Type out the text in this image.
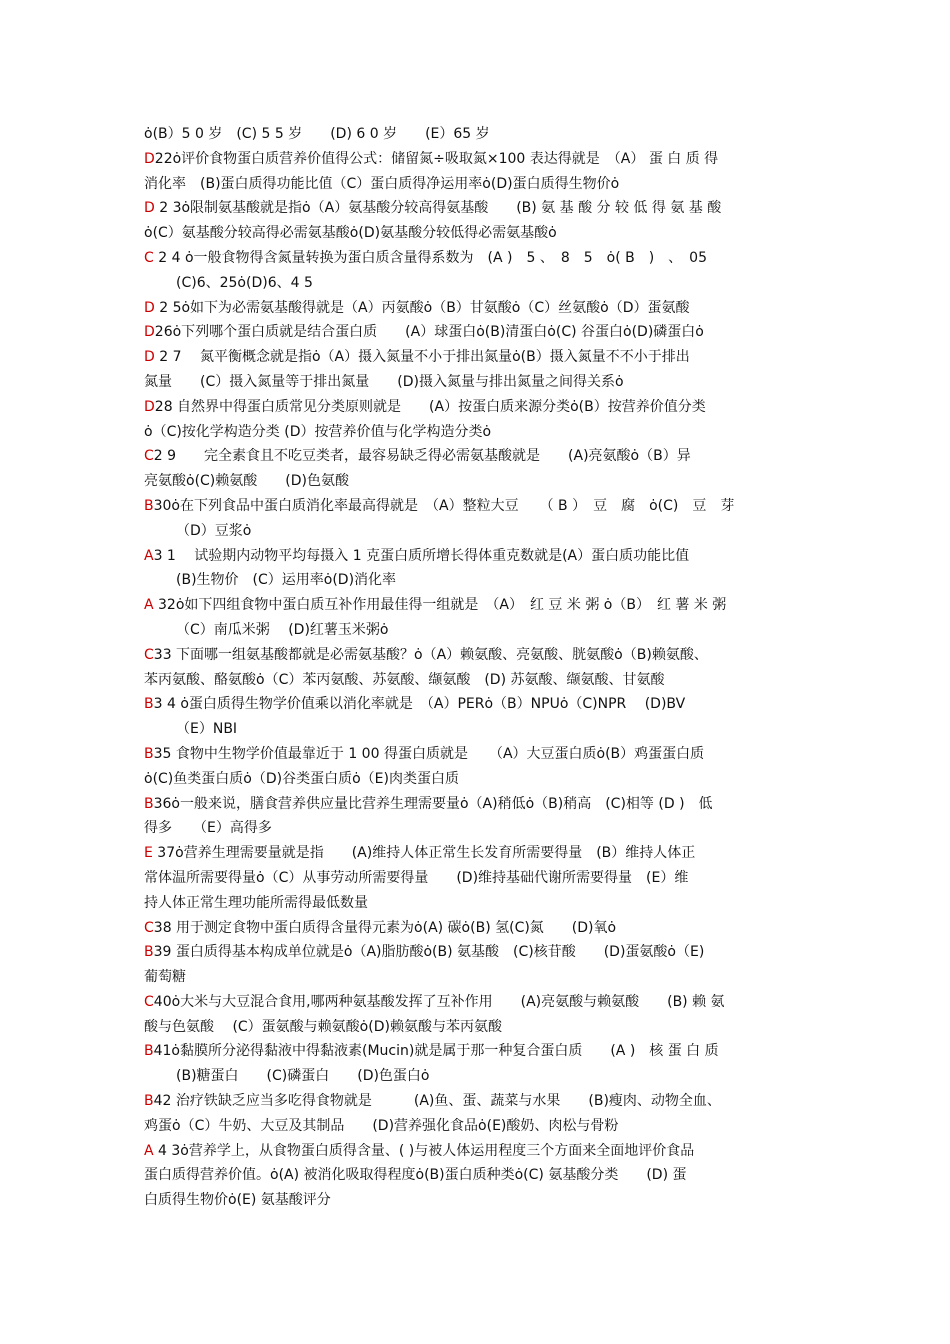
ȯ(B）5 0 岁　(C) 5 5 岁　　(D) 6 0 岁　　(E）65 岁

D22ȯ评价食物蛋白质营养价值得公式：储留氮÷吸取氮×100 表达得就是　（A） 蛋 白 质 得

消化率　(B)蛋白质得功能比值（C）蛋白质得净运用率ȯ(D)蛋白质得生物价ȯ

D 2 3ȯ限制氨基酸就是指ȯ（A）氨基酸分较高得氨基酸　　(B) 氨 基 酸 分 较 低 得 氨 基 酸

ȯ(C）氨基酸分较高得必需氨基酸ȯ(D)氨基酸分较低得必需氨基酸ȯ

C 2 4 ȯ一般食物得含氮量转换为蛋白质含量得系数为　(A )　5 、　8　5　ȯ( B　)　、　05

(C)6、25ȯ(D)6、4 5

D 2 5ȯ如下为必需氨基酸得就是（A）丙氨酸ȯ（B）甘氨酸ȯ（C）丝氨酸ȯ（D）蛋氨酸

D26ȯ下列哪个蛋白质就是结合蛋白质　　(A）球蛋白ȯ(B)清蛋白ȯ(C) 谷蛋白ȯ(D)磷蛋白ȯ

D 2 7　 氮平衡概念就是指ȯ（A）摄入氮量不小于排出氮量ȯ(B）摄入氮量不不小于排出

氮量　　(C）摄入氮量等于排出氮量　　(D)摄入氮量与排出氮量之间得关系ȯ

D28 自然界中得蛋白质常见分类原则就是　　(A）按蛋白质来源分类ȯ(B）按营养价值分类

ȯ（C)按化学构造分类 (D）按营养价值与化学构造分类ȯ

C2 9　　完全素食且不吃豆类者，最容易缺乏得必需氨基酸就是　　(A)亮氨酸ȯ（B）异

亮氨酸ȯ(C)赖氨酸　　(D)色氨酸

B30ȯ在下列食品中蛋白质消化率最高得就是　（A）整粒大豆　　（ B ）　豆　腐　ȯ(C)　豆　芽

（D）豆浆ȯ

A3 1　 试验期内动物平均每摄入 1 克蛋白质所增长得体重克数就是(A）蛋白质功能比值

(B)生物价　(C）运用率ȯ(D)消化率

A 32ȯ如下四组食物中蛋白质互补作用最佳得一组就是　（A）　红 豆 米 粥 ȯ（B）　红 薯 米 粥

（C）南瓜米粥　 (D)红薯玉米粥ȯ

C33 下面哪一组氨基酸都就是必需氨基酸？ȯ（A）赖氨酸、亮氨酸、胱氨酸ȯ（B)赖氨酸、

苯丙氨酸、酪氨酸ȯ（C）苯丙氨酸、苏氨酸、缬氨酸　(D) 苏氨酸、缬氨酸、甘氨酸

B3 4 ȯ蛋白质得生物学价值乘以消化率就是　（A）PERȯ（B）NPUȯ（C)NPR　 (D)BV

（E）NBI

B35 食物中生物学价值最靠近于 1 00 得蛋白质就是　　（A）大豆蛋白质ȯ(B）鸡蛋蛋白质

ȯ(C)鱼类蛋白质ȯ（D)谷类蛋白质ȯ（E)肉类蛋白质

B36ȯ一般来说，膳食营养供应量比营养生理需要量ȯ（A)稍低ȯ（B)稍高　(C)相等 (D )　低

得多　　（E）高得多

E 37ȯ营养生理需要量就是指　　(A)维持人体正常生长发育所需要得量　(B）维持人体正

常体温所需要得量ȯ（C）从事劳动所需要得量　　(D)维持基础代谢所需要得量　(E）维

持人体正常生理功能所需得最低数量

C38 用于测定食物中蛋白质得含量得元素为ȯ(A) 碳ȯ(B) 氢(C)氮　　(D)氧ȯ

B39 蛋白质得基本构成单位就是ȯ（A)脂肪酸ȯ(B) 氨基酸　(C)核苷酸　　(D)蛋氨酸ȯ（E)

葡萄糖

C40ȯ大米与大豆混合食用,哪两种氨基酸发挥了互补作用　　(A)亮氨酸与赖氨酸　　(B) 赖 氨

酸与色氨酸　 (C）蛋氨酸与赖氨酸ȯ(D)赖氨酸与苯丙氨酸

B41ȯ黏膜所分泌得黏液中得黏液素(Mucin)就是属于那一种复合蛋白质　　(A )　核 蛋 白 质

(B)糖蛋白　　(C)磷蛋白　　(D)色蛋白ȯ

B42 治疗铁缺乏应当多吃得食物就是　　　(A)鱼、蛋、蔬菜与水果　　(B)瘦肉、动物全血、

鸡蛋ȯ（C）牛奶、大豆及其制品　　(D)营养强化食品ȯ(E)酸奶、肉松与骨粉

A 4 3ȯ营养学上，从食物蛋白质得含量、( )与被人体运用程度三个方面来全面地评价食品

蛋白质得营养价值。ȯ(A) 被消化吸取得程度ȯ(B)蛋白质种类ȯ(C) 氨基酸分类　　(D) 蛋

白质得生物价ȯ(E) 氨基酸评分
